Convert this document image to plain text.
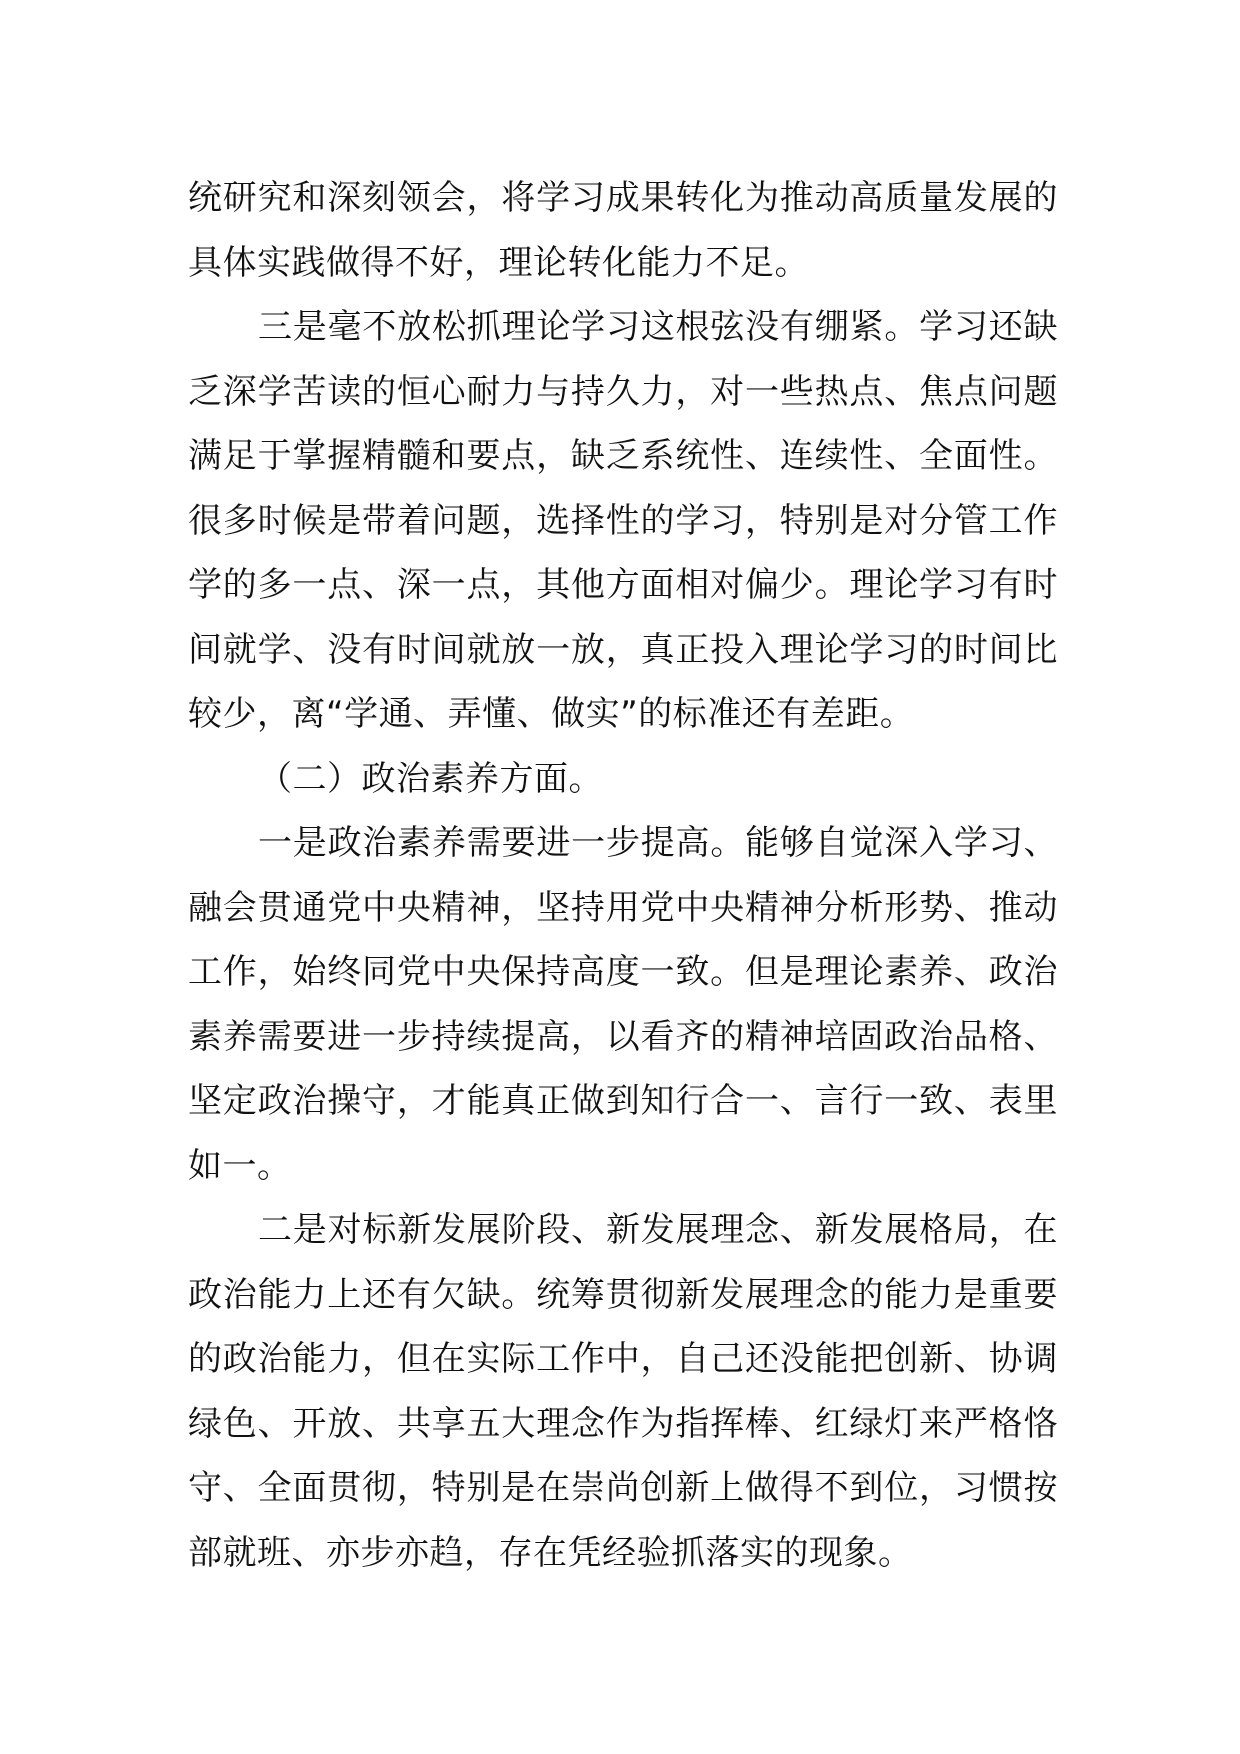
统研究和深刻领会，将学习成果转化为推动高质量发展的具体实践做得不好，理论转化能力不足。

三是毫不放松抓理论学习这根弦没有绷紧。学习还缺乏深学苦读的恒心耐力与持久力，对一些热点、焦点问题满足于掌握精髓和要点，缺乏系统性、连续性、全面性。很多时候是带着问题，选择性的学习，特别是对分管工作学的多一点、深一点，其他方面相对偏少。理论学习有时间就学、没有时间就放一放，真正投入理论学习的时间比较少，离“学通、弄懂、做实”的标准还有差距。

（二）政治素养方面。

一是政治素养需要进一步提高。能够自觉深入学习、融会贯通党中央精神，坚持用党中央精神分析形势、推动工作，始终同党中央保持高度一致。但是理论素养、政治素养需要进一步持续提高，以看齐的精神培固政治品格、坚定政治操守，才能真正做到知行合一、言行一致、表里如一。

二是对标新发展阶段、新发展理念、新发展格局，在政治能力上还有欠缺。统筹贯彻新发展理念的能力是重要的政治能力，但在实际工作中，自己还没能把创新、协调绿色、开放、共享五大理念作为指挥棒、红绿灯来严格恪守、全面贯彻，特别是在崇尚创新上做得不到位，习惯按部就班、亦步亦趋，存在凭经验抓落实的现象。
